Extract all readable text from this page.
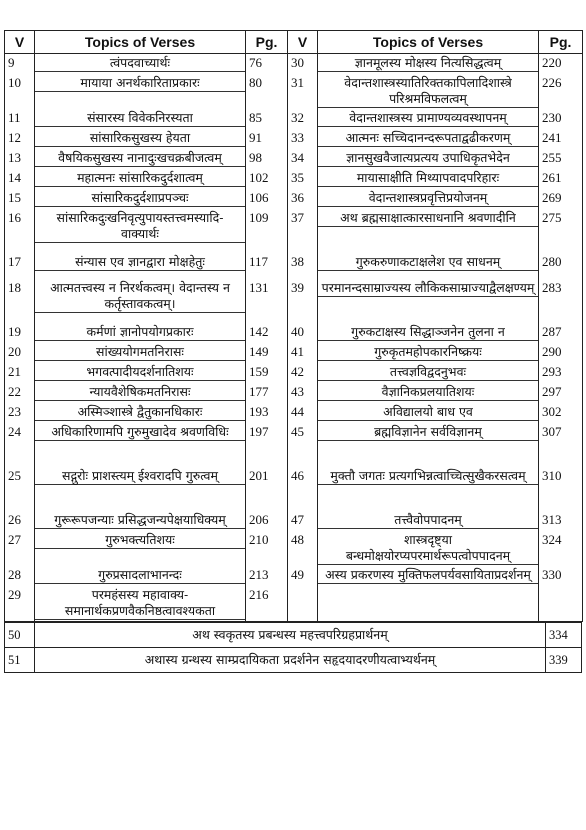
V	Topics of Verses	Pg.	V	Topics of Verses	Pg.
9	त्वंपदवाच्यार्थः	76	30	ज्ञानमूलस्य मोक्षस्य नित्यसिद्धत्वम्	220
10	मायाया अनर्थकारिताप्रकारः	80	31	वेदान्तशास्त्रस्यातिरिक्तकापिलादिशास्त्रे परिश्रमविफलत्वम्	226
11	संसारस्य विवेकनिरस्यता	85	32	वेदान्तशास्त्रस्य प्रामाण्यव्यवस्थापनम्	230
12	सांसारिकसुखस्य हेयता	91	33	आत्मनः सच्चिदानन्दरूपताद्वढीकरणम्	241
13	वैषयिकसुखस्य नानादुःखचक्रबीजत्वम्	98	34	ज्ञानसुखवैजात्यप्रत्यय उपाधिकृतभेदेन	255
14	महात्मनः सांसारिकदुर्दशात्वम्	102	35	मायासाक्षीति मिथ्यापवादपरिहारः	261
15	सांसारिकदुर्दशाप्रपञ्चः	106	36	वेदान्तशास्त्रप्रवृत्तिप्रयोजनम्	269
16	सांसारिकदुःखनिवृत्युपायस्तत्त्वमस्यादि-वाक्यार्थः	109	37	अथ ब्रह्मसाक्षात्कारसाधनानि श्रवणादीनि	275
17	संन्यास एव ज्ञानद्वारा मोक्षहेतुः	117	38	गुरुकरुणाकटाक्षलेश एव साधनम्	280
18	आत्मतत्त्वस्य न निरर्थकत्वम्। वेदान्तस्य न कर्तृस्तावकत्वम्।	131	39	परमानन्दसाम्राज्यस्य लौकिकसाम्राज्याद्वैलक्षण्यम्	283
19	कर्मणां ज्ञानोपयोगप्रकारः	142	40	गुरुकटाक्षस्य सिद्धाञ्जनेन तुलना न	287
20	सांख्ययोगमतनिरासः	149	41	गुरुकृतमहोपकारनिष्क्रयः	290
21	भगवत्पादीयदर्शनातिशयः	159	42	तत्त्वज्ञविद्वदनुभवः	293
22	न्यायवैशेषिकमतनिरासः	177	43	वैज्ञानिकप्रलयातिशयः	297
23	अस्मिञ्शास्त्रे द्वैतुकानधिकारः	193	44	अविद्यालयो बाध एव	302
24	अधिकारिणामपि गुरुमुखादेव श्रवणविधिः	197	45	ब्रह्मविज्ञानेन सर्वविज्ञानम्	307
25	सद्गुरोः प्राशस्त्यम् ईश्वरादपि गुरुत्वम्	201	46	मुक्तौ जगतः प्रत्यगभिन्नत्वाच्चित्सुखैकरसत्वम्	310
26	गुरूरूपजन्याः प्रसिद्धजन्यपेक्षयाधिक्यम्	206	47	तत्त्वैवोपपादनम्	313
27	गुरुभक्त्यतिशयः	210	48	शास्त्रदृष्ट्या बन्धमोक्षयोरप्यपरमार्थरूपत्वोपपादनम्	324
28	गुरुप्रसादलाभानन्दः	213	49	अस्य प्रकरणस्य मुक्तिफलपर्यवसायिताप्रदर्शनम्	330
29	परमहंसस्य महावाक्य-समानार्थकप्रणवैकनिष्ठत्वावश्यकता	216			
50	अथ स्वकृतस्य प्रबन्धस्य महत्त्वपरिग्रहप्रार्थनम्	334
51	अथास्य ग्रन्थस्य साम्प्रदायिकता प्रदर्शनेन सहृदयादरणीयत्वाभ्यर्थनम्	339
